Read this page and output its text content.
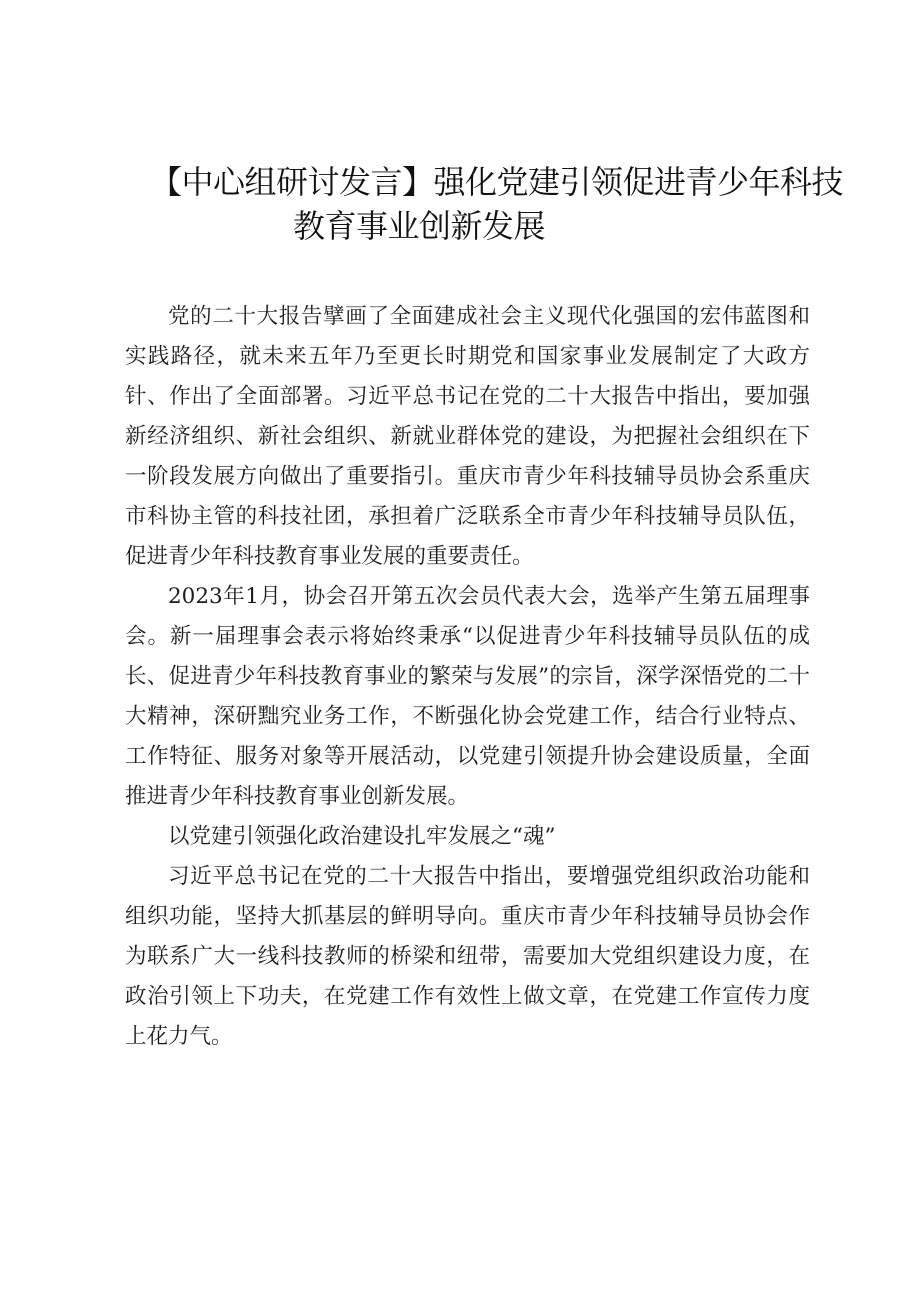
【中心组研讨发言】强化党建引领促进青少年科技
教育事业创新发展

党的二十大报告擘画了全面建成社会主义现代化强国的宏伟蓝图和实践路径，就未来五年乃至更长时期党和国家事业发展制定了大政方针、作出了全面部署。习近平总书记在党的二十大报告中指出，要加强新经济组织、新社会组织、新就业群体党的建设，为把握社会组织在下一阶段发展方向做出了重要指引。重庆市青少年科技辅导员协会系重庆市科协主管的科技社团，承担着广泛联系全市青少年科技辅导员队伍，促进青少年科技教育事业发展的重要责任。

2023年1月，协会召开第五次会员代表大会，选举产生第五届理事会。新一届理事会表示将始终秉承“以促进青少年科技辅导员队伍的成长、促进青少年科技教育事业的繁荣与发展”的宗旨，深学深悟党的二十大精神，深研黜究业务工作，不断强化协会党建工作，结合行业特点、工作特征、服务对象等开展活动，以党建引领提升协会建设质量，全面推进青少年科技教育事业创新发展。

以党建引领强化政治建设扎牢发展之“魂”

习近平总书记在党的二十大报告中指出，要增强党组织政治功能和组织功能，坚持大抓基层的鲜明导向。重庆市青少年科技辅导员协会作为联系广大一线科技教师的桥梁和纽带，需要加大党组织建设力度，在政治引领上下功夫，在党建工作有效性上做文章，在党建工作宣传力度上花力气。
